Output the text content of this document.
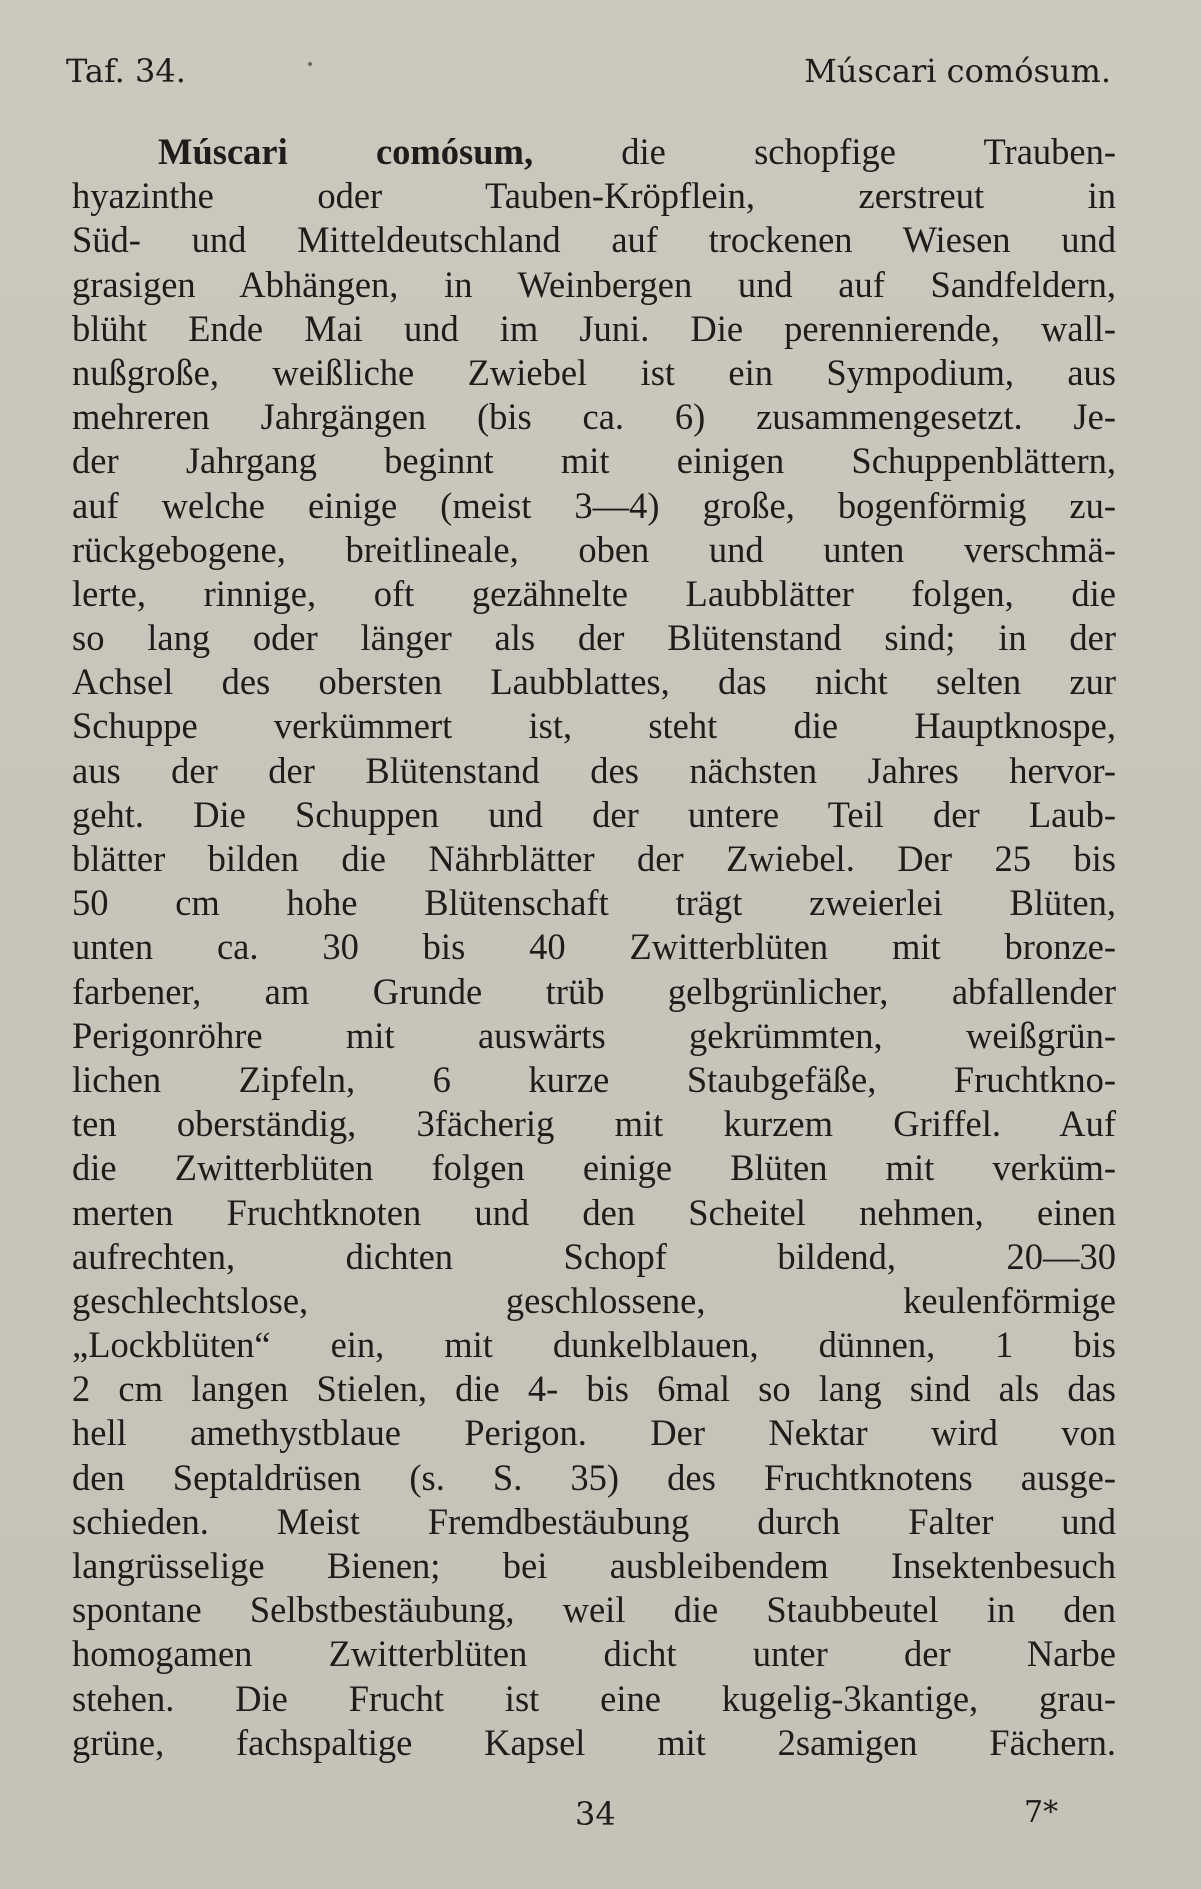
Taf. 34.	Múscari comósum.
Múscari comósum, die schopfige Trauben-
hyazinthe oder Tauben-Kröpflein, zerstreut in
Süd- und Mitteldeutschland auf trockenen Wiesen und
grasigen Abhängen, in Weinbergen und auf Sandfeldern,
blüht Ende Mai und im Juni. Die perennierende, wall-
nußgroße, weißliche Zwiebel ist ein Sympodium, aus
mehreren Jahrgängen (bis ca. 6) zusammengesetzt. Je-
der Jahrgang beginnt mit einigen Schuppenblättern,
auf welche einige (meist 3—4) große, bogenförmig zu-
rückgebogene, breitlineale, oben und unten verschmä-
lerte, rinnige, oft gezähnelte Laubblätter folgen, die
so lang oder länger als der Blütenstand sind; in der
Achsel des obersten Laubblattes, das nicht selten zur
Schuppe verkümmert ist, steht die Hauptknospe,
aus der der Blütenstand des nächsten Jahres hervor-
geht. Die Schuppen und der untere Teil der Laub-
blätter bilden die Nährblätter der Zwiebel. Der 25 bis
50 cm hohe Blütenschaft trägt zweierlei Blüten,
unten ca. 30 bis 40 Zwitterblüten mit bronze-
farbener, am Grunde trüb gelbgrünlicher, abfallender
Perigonröhre mit auswärts gekrümmten, weißgrün-
lichen Zipfeln, 6 kurze Staubgefäße, Fruchtkno-
ten oberständig, 3fächerig mit kurzem Griffel. Auf
die Zwitterblüten folgen einige Blüten mit verküm-
merten Fruchtknoten und den Scheitel nehmen, einen
aufrechten, dichten Schopf bildend, 20—30
geschlechtslose, geschlossene, keulenförmige
„Lockblüten“ ein, mit dunkelblauen, dünnen, 1 bis
2 cm langen Stielen, die 4- bis 6mal so lang sind als das
hell amethystblaue Perigon. Der Nektar wird von
den Septaldrüsen (s. S. 35) des Fruchtknotens ausge-
schieden. Meist Fremdbestäubung durch Falter und
langrüsselige Bienen; bei ausbleibendem Insektenbesuch
spontane Selbstbestäubung, weil die Staubbeutel in den
homogamen Zwitterblüten dicht unter der Narbe
stehen. Die Frucht ist eine kugelig-3kantige, grau-
grüne, fachspaltige Kapsel mit 2samigen Fächern.
34	7*
